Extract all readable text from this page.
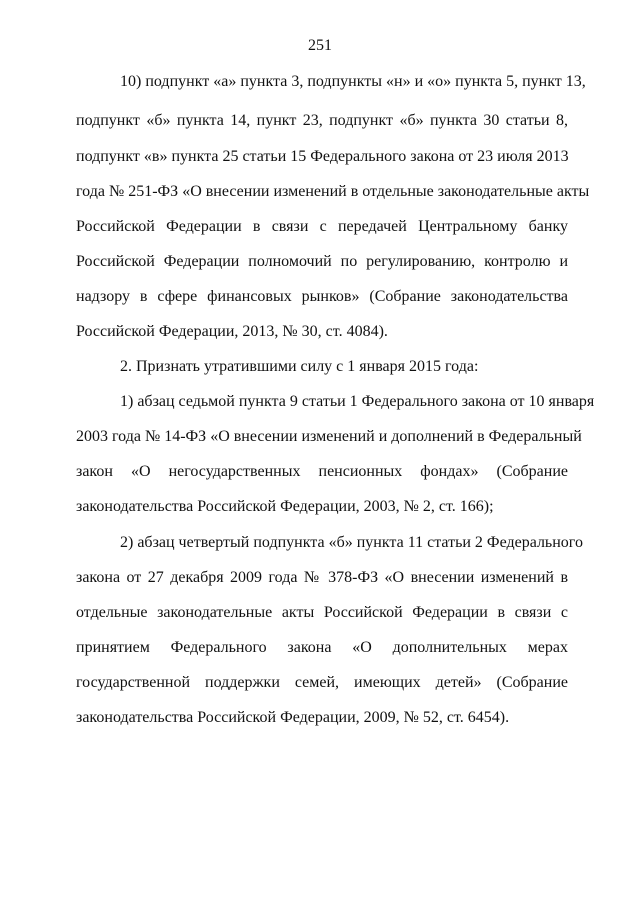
251
10) подпункт «а» пункта 3, подпункты «н» и «о» пункта 5, пункт 13,
подпункт «б» пункта 14, пункт 23, подпункт «б» пункта 30 статьи 8,
подпункт «в» пункта 25 статьи 15 Федерального закона от 23 июля 2013
года № 251-ФЗ «О внесении изменений в отдельные законодательные акты
Российской Федерации в связи с передачей Центральному банку
Российской Федерации полномочий по регулированию, контролю и
надзору в сфере финансовых рынков» (Собрание законодательства
Российской Федерации, 2013, № 30, ст. 4084).
2. Признать утратившими силу с 1 января 2015 года:
1) абзац седьмой пункта 9 статьи 1 Федерального закона от 10 января
2003 года № 14-ФЗ «О внесении изменений и дополнений в Федеральный
закон «О негосударственных пенсионных фондах» (Собрание
законодательства Российской Федерации, 2003, № 2, ст. 166);
2) абзац четвертый подпункта «б» пункта 11 статьи 2 Федерального
закона от 27 декабря 2009 года № 378-ФЗ «О внесении изменений в
отдельные законодательные акты Российской Федерации в связи с
принятием Федерального закона «О дополнительных мерах
государственной поддержки семей, имеющих детей» (Собрание
законодательства Российской Федерации, 2009, № 52, ст. 6454).
